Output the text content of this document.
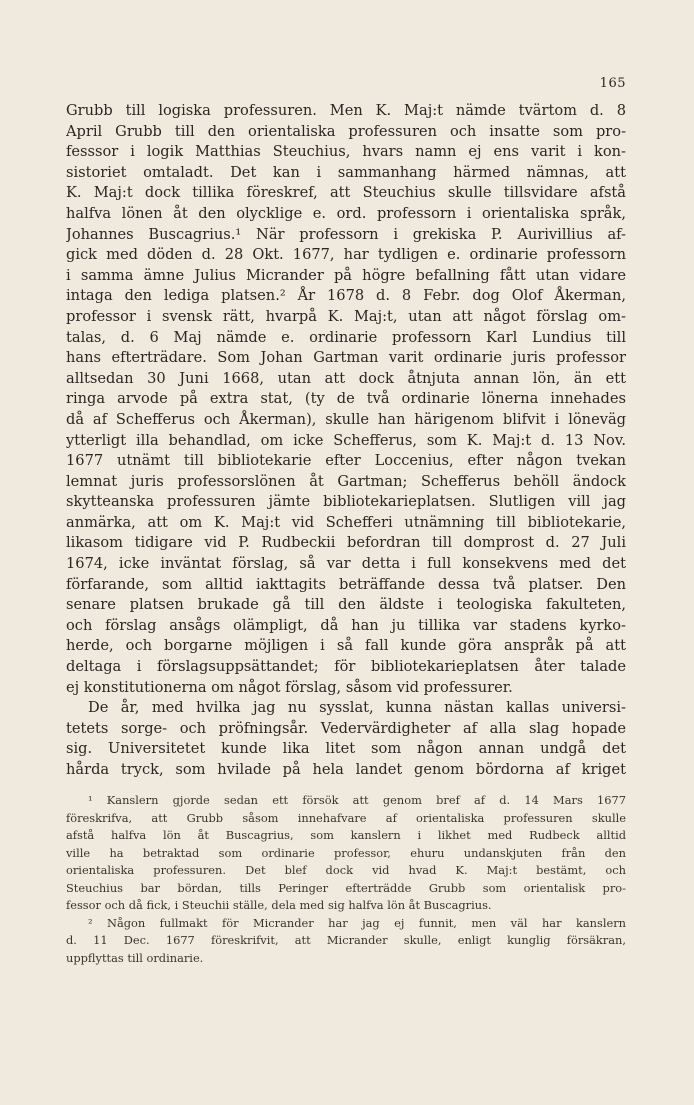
165
Grubb till logiska professuren. Men K. Maj:t nämde tvärtom d. 8
April Grubb till den orientaliska professuren och insatte som pro-
fesssor i logik Matthias Steuchius, hvars namn ej ens varit i kon-
sistoriet omtaladt. Det kan i sammanhang härmed nämnas, att
K. Maj:t dock tillika föreskref, att Steuchius skulle tillsvidare afstå
halfva lönen åt den olycklige e. ord. professorn i orientaliska språk,
Johannes Buscagrius.¹ När professorn i grekiska P. Aurivillius af-
gick med döden d. 28 Okt. 1677, har tydligen e. ordinarie professorn
i samma ämne Julius Micrander på högre befallning fått utan vidare
intaga den lediga platsen.² År 1678 d. 8 Febr. dog Olof Åkerman,
professor i svensk rätt, hvarpå K. Maj:t, utan att något förslag om-
talas, d. 6 Maj nämde e. ordinarie professorn Karl Lundius till
hans efterträdare. Som Johan Gartman varit ordinarie juris professor
alltsedan 30 Juni 1668, utan att dock åtnjuta annan lön, än ett
ringa arvode på extra stat, (ty de två ordinarie lönerna innehades
då af Schefferus och Åkerman), skulle han härigenom blifvit i löneväg
ytterligt illa behandlad, om icke Schefferus, som K. Maj:t d. 13 Nov.
1677 utnämt till bibliotekarie efter Loccenius, efter någon tvekan
lemnat juris professorslönen åt Gartman; Schefferus behöll ändock
skytteanska professuren jämte bibliotekarieplatsen. Slutligen vill jag
anmärka, att om K. Maj:t vid Schefferi utnämning till bibliotekarie,
likasom tidigare vid P. Rudbeckii befordran till domprost d. 27 Juli
1674, icke inväntat förslag, så var detta i full konsekvens med det
förfarande, som alltid iakttagits beträffande dessa två platser. Den
senare platsen brukade gå till den äldste i teologiska fakulteten,
och förslag ansågs olämpligt, då han ju tillika var stadens kyrko-
herde, och borgarne möjligen i så fall kunde göra anspråk på att
deltaga i förslagsuppsättandet; för bibliotekarieplatsen åter talade
ej konstitutionerna om något förslag, såsom vid professurer.
De år, med hvilka jag nu sysslat, kunna nästan kallas universi-
tetets sorge- och pröfningsår. Vedervärdigheter af alla slag hopade
sig. Universitetet kunde lika litet som någon annan undgå det
hårda tryck, som hvilade på hela landet genom bördorna af kriget
¹ Kanslern gjorde sedan ett försök att genom bref af d. 14 Mars 1677
föreskrifva, att Grubb såsom innehafvare af orientaliska professuren skulle
afstå halfva lön åt Buscagrius, som kanslern i likhet med Rudbeck alltid
ville ha betraktad som ordinarie professor, ehuru undanskjuten från den
orientaliska professuren. Det blef dock vid hvad K. Maj:t bestämt, och
Steuchius bar bördan, tills Peringer efterträdde Grubb som orientalisk pro-
fessor och då fick, i Steuchii ställe, dela med sig halfva lön åt Buscagrius.
² Någon fullmakt för Micrander har jag ej funnit, men väl har kanslern
d. 11 Dec. 1677 föreskrifvit, att Micrander skulle, enligt kunglig försäkran,
uppflyttas till ordinarie.
